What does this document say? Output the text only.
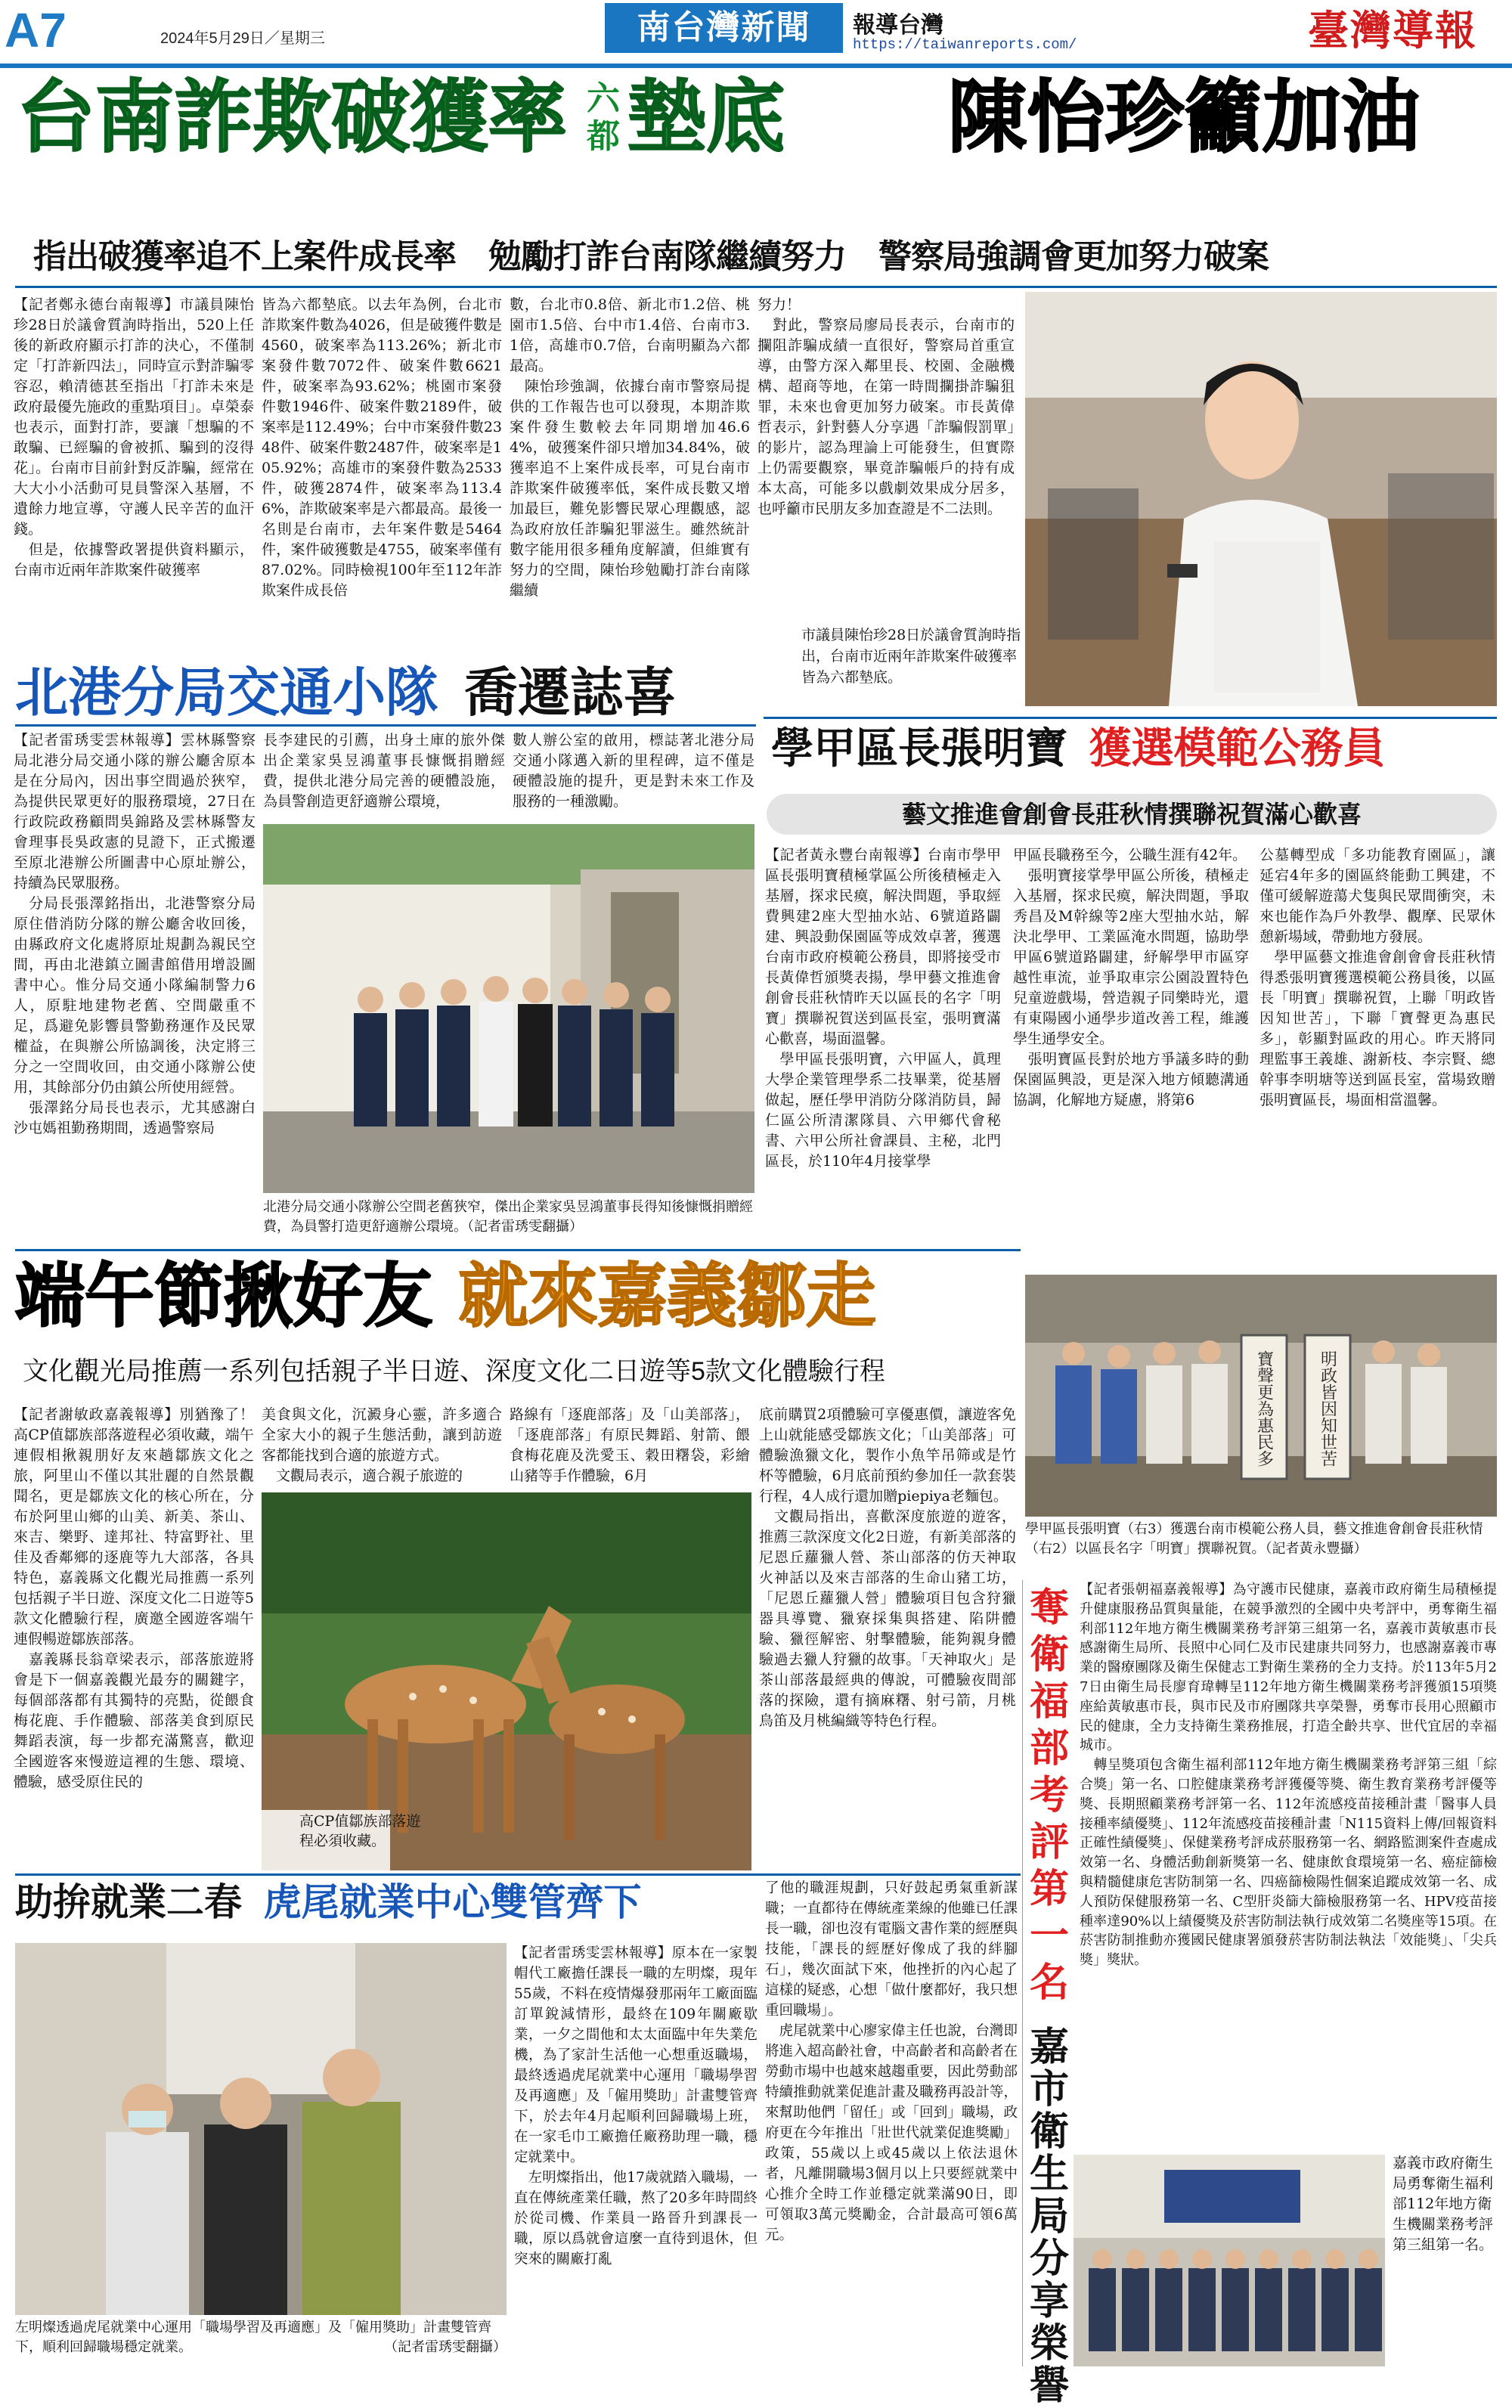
A7	2024年5月29日／星期三	南台灣新聞	報導台灣
https://taiwanreports.com/	臺灣導報
台南詐欺破獲率 六都 墊底 陳怡珍籲加油
指出破獲率追不上案件成長率　勉勵打詐台南隊繼續努力　警察局強調會更加努力破案
【記者鄭永德台南報導】市議員陳怡珍28日於議會質詢時指出，520上任後的新政府顯示打詐的決心，不僅制定「打詐新四法」，同時宣示對詐騙零容忍，賴清德甚至指出「打詐未來是政府最優先施政的重點項目」。卓榮泰也表示，面對打詐，要讓「想騙的不敢騙、已經騙的會被抓、騙到的沒得花」。台南市目前針對反詐騙，經常在大大小小活動可見員警深入基層，不遺餘力地宣導，守護人民辛苦的血汗錢。
　但是，依據警政署提供資料顯示，台南市近兩年詐欺案件破獲率
皆為六都墊底。以去年為例，台北市詐欺案件數為4026，但是破獲件數是4560，破案率為113.26%；新北市案發件數7072件、破案件數6621件，破案率為93.62%；桃園市案發件數1946件、破案件數2189件，破案率是112.49%；台中市案發件數2348件、破案件數2487件，破案率是105.92%；高雄市的案發件數為2533件，破獲2874件，破案率為113.46%，詐欺破案率是六都最高。最後一名則是台南市，去年案件數是5464件，案件破獲數是4755，破案率僅有87.02%。同時檢視100年至112年詐欺案件成長倍
數，台北市0.8倍、新北市1.2倍、桃園市1.5倍、台中市1.4倍、台南市3.1倍，高雄市0.7倍，台南明顯為六都最高。
　陳怡珍強調，依據台南市警察局提供的工作報告也可以發現，本期詐欺案件發生數較去年同期增加46.64%，破獲案件卻只增加34.84%，破獲率追不上案件成長率，可見台南市詐欺案件破獲率低，案件成長數又增加最巨，難免影響民眾心理觀感，認為政府放任詐騙犯罪滋生。雖然統計數字能用很多種角度解讀，但維實有努力的空間，陳怡珍勉勵打詐台南隊繼續
努力！
　對此，警察局廖局長表示，台南市的攔阻詐騙成績一直很好，警察局首重宣導，由警方深入鄰里長、校園、金融機構、超商等地，在第一時間攔掛詐騙狙罪，未來也會更加努力破案。市長黃偉哲表示，針對藝人分享遇「詐騙假罰單」的影片，認為理論上可能發生，但實際上仍需要觀察，畢竟詐騙帳戶的持有成本太高，可能多以戲劇效果成分居多，也呼籲市民朋友多加查證是不二法則。
市議員陳怡珍28日於議會質詢時指出，台南市近兩年詐欺案件破獲率皆為六都墊底。
北港分局交通小隊 喬遷誌喜
【記者雷琇雯雲林報導】雲林縣警察局北港分局交通小隊的辦公廳舍原本是在分局內，因出事空間過於狹窄，為提供民眾更好的服務環境，27日在行政院政務顧問吳錦路及雲林縣警友會理事長吳政憲的見證下，正式搬遷至原北港辦公所圖書中心原址辦公，持續為民眾服務。
　分局長張澤銘指出，北港警察分局原住借消防分隊的辦公廳舍收回後，由縣政府文化處將原址規劃為親民空間，再由北港鎮立圖書館借用增設圖書中心。惟分局交通小隊編制警力6人，原駐地建物老舊、空間嚴重不足，爲避免影響員警勤務運作及民眾權益，在與辦公所協調後，決定將三分之一空間收回，由交通小隊辦公使用，其餘部分仍由鎮公所使用經營。
　張澤銘分局長也表示，尤其感謝白沙屯媽祖勤務期間，透過警察局
長李建民的引薦，出身土庫的旅外傑出企業家吳昱鴻董事長慷慨捐贈經費，提供北港分局完善的硬體設施，為員警創造更舒適辦公環境，
數人辦公室的啟用，標誌著北港分局交通小隊邁入新的里程碑，這不僅是硬體設施的提升，更是對未來工作及服務的一種激勵。
北港分局交通小隊辦公空間老舊狹窄，傑出企業家吳昱鴻董事長得知後慷慨捐贈經費，為員警打造更舒適辦公環境。（記者雷琇雯翻攝）
學甲區長張明寶 獲選模範公務員
藝文推進會創會長莊秋情撰聯祝賀滿心歡喜
【記者黃永豐台南報導】台南市學甲區長張明寶積極掌區公所後積極走入基層，探求民瘼，解決問題，爭取經費興建2座大型抽水站、6號道路闢建、興設動保園區等成效卓著，獲選台南市政府模範公務員，即將接受市長黃偉哲頒獎表揚，學甲藝文推進會創會長莊秋情昨天以區長的名字「明寶」撰聯祝賀送到區長室，張明寶滿心歡喜，場面溫馨。
　學甲區長張明寶，六甲區人，眞理大學企業管理學系二技畢業，從基層做起，歷任學甲消防分隊消防員，歸仁區公所清潔隊員、六甲鄉代會秘書、六甲公所社會課員、主秘，北門區長，於110年4月接掌學
甲區長職務至今，公職生涯有42年。
　張明寶接掌學甲區公所後，積極走入基層，探求民瘼，解決問題，爭取秀昌及M幹線等2座大型抽水站，解決北學甲、工業區淹水問題，協助學甲區6號道路闢建，紓解學甲市區穿越性車流，並爭取車宗公園設置特色兒童遊戲場，營造親子同樂時光，還有東陽國小通學步道改善工程，維護學生通學安全。
　張明寶區長對於地方爭議多時的動保園區興設，更是深入地方傾聽溝通協調，化解地方疑慮，將第6
公墓轉型成「多功能教育園區」，讓延宕4年多的園區終能動工興建，不僅可緩解遊蕩犬隻與民眾間衝突，未來也能作為戶外教學、觀摩、民眾休憩新場域，帶動地方發展。
　學甲區藝文推進會創會會長莊秋情得悉張明寶獲選模範公務員後，以區長「明寶」撰聯祝賀，上聯「明政皆因知世苦」，下聯「寶聲更為惠民多」，彰顯對區政的用心。昨天將同理監事王義雄、謝新枝、李宗賢、總幹事李明塘等送到區長室，當場致贈張明寶區長，場面相當溫馨。
寶聲更為惠民多	明政皆因知世苦
學甲區長張明寶（右3）獲選台南市模範公務人員，藝文推進會創會長莊秋情（右2）以區長名字「明寶」撰聯祝賀。（記者黃永豐攝）
端午節揪好友 就來嘉義鄒走
文化觀光局推薦一系列包括親子半日遊、深度文化二日遊等5款文化體驗行程
【記者謝敏政嘉義報導】別猶豫了！高CP值鄒族部落遊程必須收藏，端午連假相揪親朋好友來趟鄒族文化之旅，阿里山不僅以其壯麗的自然景觀聞名，更是鄒族文化的核心所在，分布於阿里山鄉的山美、新美、茶山、來吉、樂野、達邦社、特富野社、里佳及香鄰鄉的逐鹿等九大部落，各具特色，嘉義縣文化觀光局推薦一系列包括親子半日遊、深度文化二日遊等5款文化體驗行程，廣邀全國遊客端午連假暢遊鄒族部落。
　嘉義縣長翁章梁表示，部落旅遊將會是下一個嘉義觀光最夯的關鍵字，每個部落都有其獨特的亮點，從餵食梅花鹿、手作體驗、部落美食到原民舞蹈表演，每一步都充滿驚喜，歡迎全國遊客來慢遊這裡的生態、環境、體驗，感受原住民的
美食與文化，沉澱身心靈，許多適合全家大小的親子生態活動，讓到訪遊客都能找到合適的旅遊方式。
　文觀局表示，適合親子旅遊的
路線有「逐鹿部落」及「山美部落」，「逐鹿部落」有原民舞蹈、射箭、餵食梅花鹿及洗愛玉、穀田糬袋，彩繪山豬等手作體驗，6月
底前購買2項體驗可享優惠價，讓遊客免上山就能感受鄒族文化；「山美部落」可體驗漁獵文化，製作小魚竿吊筛或是竹杯等體驗，6月底前預約參加任一款套裝行程，4人成行還加贈piepiya老麵包。
　文觀局指出，喜歡深度旅遊的遊客，推薦三款深度文化2日遊，有新美部落的尼恩丘蘿獵人營、茶山部落的仿天神取火神話以及來吉部落的生命山豬工坊，「尼恩丘蘿獵人營」體驗項目包含狩獵器具導覽、獵寮採集與搭建、陷阱體驗、獵徑解密、射擊體驗，能夠親身體驗過去獵人狩獵的故事。「天神取火」是茶山部落最經典的傳說，可體驗夜間部落的探險，還有摘麻糬、射弓箭，月桃鳥笛及月桃編織等特色行程。
高CP值鄒族部落遊程必須收藏。
奪衛福部考評第一名
嘉市衛生局分享榮譽
【記者張朝福嘉義報導】為守護市民健康，嘉義市政府衛生局積極提升健康服務品質與量能，在競爭激烈的全國中央考評中，勇奪衛生福利部112年地方衛生機關業務考評第三組第一名，嘉義市黃敏惠市長感謝衛生局所、長照中心同仁及市民建康共同努力，也感謝嘉義市專業的醫療團隊及衛生保健志工對衛生業務的全力支持。於113年5月27日由衛生局長廖育瑋轉呈112年地方衛生機關業務考評獲頒15項獎座給黃敏惠市長，與市民及市府團隊共享榮譽，勇奪市長用心照顧市民的健康，全力支持衛生業務推展，打造全齡共享、世代宜居的幸福城市。
　轉呈獎項包含衛生福利部112年地方衛生機關業務考評第三組「綜合獎」第一名、口腔健康業務考評獲優等獎、衛生教育業務考評優等獎、長期照顧業務考評第一名、112年流感疫苗接種計畫「醫事人員接種率績優獎」、112年流感疫苗接種計畫「N115資料上傳/回報資料正確性績優獎」、保健業務考評成菸服務第一名、網路監測案件查處成效第一名、身體活動創新獎第一名、健康飲食環境第一名、癌症篩檢與精髓健康危害防制第一名、四癌篩檢陽性個案追蹤成效第一名、成人預防保健服務第一名、C型肝炎篩大篩檢服務第一名、HPV疫苗接種率達90%以上績優獎及菸害防制法執行成效第二名獎座等15項。在菸害防制推動亦獲國民健康署頒發菸害防制法執法「效能獎」、「尖兵獎」獎狀。
嘉義市政府衛生局勇奪衛生福利部112年地方衛生機關業務考評第三組第一名。
助拚就業二春 虎尾就業中心雙管齊下
左明燦透過虎尾就業中心運用「職場學習及再適應」及「僱用獎助」計畫雙管齊下，順利回歸職場穩定就業。	（記者雷琇雯翻攝）
【記者雷琇雯雲林報導】原本在一家製帽代工廠擔任課長一職的左明燦，現年55歲，不料在疫情爆發那兩年工廠面臨訂單銳減情形，最終在109年關廠歇業，一夕之間他和太太面臨中年失業危機，為了家計生活他一心想重返職場，最終透過虎尾就業中心運用「職場學習及再適應」及「僱用獎助」計畫雙管齊下，於去年4月起順利回歸職場上班，在一家毛巾工廠擔任廠務助理一職，穩定就業中。
　左明燦指出，他17歲就踏入職場，一直在傳統產業任職，熬了20多年時間終於從司機、作業員一路晉升到課長一職，原以爲就會這麼一直待到退休，但突來的關廠打亂
了他的職涯規劃，只好鼓起勇氣重新謀職；一直都待在傳統產業線的他雖已任課長一職，卻也沒有電腦文書作業的經歷與技能，「課長的經歷好像成了我的絆腳石」，幾次面試下來，他挫折的內心起了這樣的疑惑，心想「做什麼都好，我只想重回職場」。
　虎尾就業中心廖家偉主任也說，台灣即將進入超高齡社會，中高齡者和高齡者在勞動市場中也越來越趨重要，因此勞動部特續推動就業促進計畫及職務再設計等，來幫助他們「留任」或「回到」職場，政府更在今年推出「壯世代就業促進獎勵」政策，55歲以上或45歲以上依法退休者，凡離開職場3個月以上只要經就業中心推介全時工作並穩定就業滿90日，即可領取3萬元獎勵金，合計最高可領6萬元。
